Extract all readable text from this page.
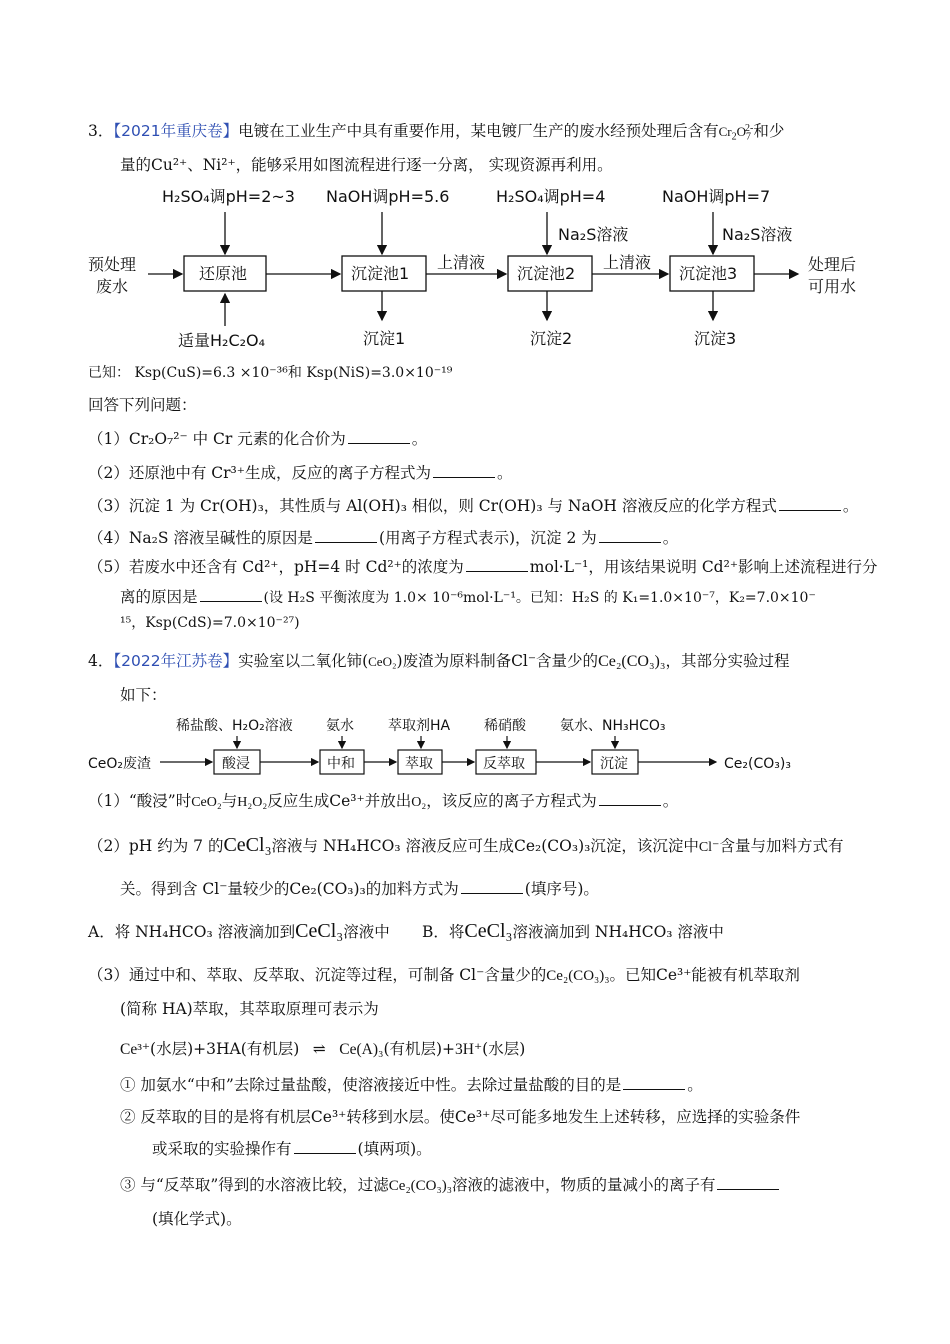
3．【2021年重庆卷】电镀在工业生产中具有重要作用，某电镀厂生产的废水经预处理后含有$Cr_2O_7^{2-}$和少
量的Cu²⁺、Ni²⁺，能够采用如图流程进行逐一分离， 实现资源再利用。
H₂SO₄调pH=2~3 NaOH调pH=5.6	H₂SO₄调pH=4	NaOH调pH=7
Na₂S溶液	Na₂S溶液
预处理
废水
还原池	沉淀池1
上清液
沉淀池2
上清液
沉淀池3	处理后
可用水
适量H₂C₂O₄	沉淀1	沉淀2	沉淀3
已知： Ksp(CuS)=6.3 ×10⁻³⁶和 Ksp(NiS)=3.0×10⁻¹⁹
回答下列问题：
（1）Cr₂O₇²⁻ 中 Cr 元素的化合价为	。
（2）还原池中有 Cr³⁺生成，反应的离子方程式为	。
（3）沉淀 1 为 Cr(OH)₃，其性质与 Al(OH)₃ 相似，则 Cr(OH)₃ 与 NaOH 溶液反应的化学方程式	。
（4）Na₂S 溶液呈碱性的原因是	(用离子方程式表示)，沉淀 2 为	。
（5）若废水中还含有 Cd²⁺，pH=4 时 Cd²⁺的浓度为	mol·L⁻¹，用该结果说明 Cd²⁺影响上述流程进行分
离的原因是	(设 H₂S 平衡浓度为 1.0× 10⁻⁶mol·L⁻¹。已知：H₂S 的 K₁=1.0×10⁻⁷，K₂=7.0×10⁻
¹⁵，Ksp(CdS)=7.0×10⁻²⁷)
4．【2022年江苏卷】实验室以二氧化铈(CeO₂)废渣为原料制备Cl⁻含量少的Ce₂(CO₃)₃，其部分实验过程
如下：
稀盐酸、H₂O₂溶液 氨水 萃取剂HA 稀硝酸 氨水、NH₃HCO₃
CeO₂废渣	酸浸	中和	萃取	反萃取	沉淀	Ce₂(CO₃)₃
（1）“酸浸”时CeO₂与H₂O₂反应生成Ce³⁺并放出O₂，该反应的离子方程式为	。
（2）pH 约为 7 的CeCl₃溶液与 NH₄HCO₃ 溶液反应可生成Ce₂(CO₃)₃沉淀，该沉淀中Cl⁻含量与加料方式有
关。得到含 Cl⁻量较少的Ce₂(CO₃)₃的加料方式为	(填序号)。
A．将 NH₄HCO₃ 溶液滴加到CeCl₃溶液中 B．将CeCl₃溶液滴加到 NH₄HCO₃ 溶液中
（3）通过中和、萃取、反萃取、沉淀等过程，可制备 Cl⁻含量少的Ce₂(CO₃)₃。已知Ce³⁺能被有机萃取剂
(简称 HA)萃取，其萃取原理可表示为
Ce³⁺(水层)+3HA(有机层) ⇌ Ce(A)₃(有机层)+3H⁺(水层)
① 加氨水“中和”去除过量盐酸，使溶液接近中性。去除过量盐酸的目的是	。
② 反萃取的目的是将有机层Ce³⁺转移到水层。使Ce³⁺尽可能多地发生上述转移，应选择的实验条件
或采取的实验操作有	(填两项)。
③ 与“反萃取”得到的水溶液比较，过滤Ce₂(CO₃)₃溶液的滤液中，物质的量减小的离子有
(填化学式)。
